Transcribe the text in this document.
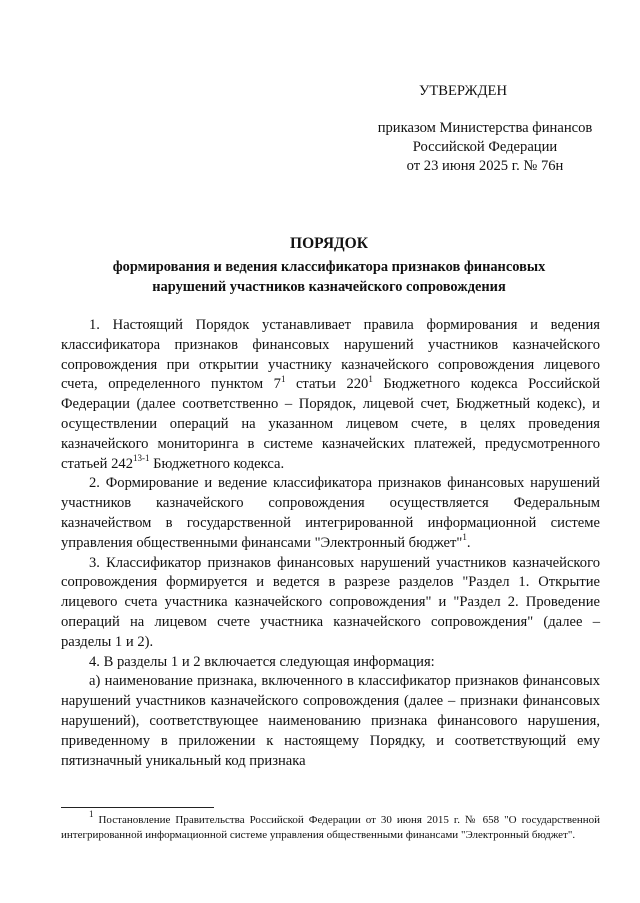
УТВЕРЖДЕН
приказом Министерства финансов
Российской Федерации
от 23 июня 2025 г. № 76н
ПОРЯДОК
формирования и ведения классификатора признаков финансовых
нарушений участников казначейского сопровождения

1. Настоящий Порядок устанавливает правила формирования и ведения классификатора признаков финансовых нарушений участников казначейского сопровождения при открытии участнику казначейского сопровождения лицевого счета, определенного пунктом $7^1$ статьи $220^1$ Бюджетного кодекса Российской Федерации (далее соответственно – Порядок, лицевой счет, Бюджетный кодекс), и осуществлении операций на указанном лицевом счете, в целях проведения казначейского мониторинга в системе казначейских платежей, предусмотренного статьей 242$^{13-1}$ Бюджетного кодекса.

2. Формирование и ведение классификатора признаков финансовых нарушений участников казначейского сопровождения осуществляется Федеральным казначейством в государственной интегрированной информационной системе управления общественными финансами "Электронный бюджет"$^1$.

3. Классификатор признаков финансовых нарушений участников казначейского сопровождения формируется и ведется в разрезе разделов "Раздел 1. Открытие лицевого счета участника казначейского сопровождения" и "Раздел 2. Проведение операций на лицевом счете участника казначейского сопровождения" (далее – разделы 1 и 2).

4. В разделы 1 и 2 включается следующая информация:

а) наименование признака, включенного в классификатор признаков финансовых нарушений участников казначейского сопровождения (далее – признаки финансовых нарушений), соответствующее наименованию признака финансового нарушения, приведенному в приложении к настоящему Порядку, и соответствующий ему пятизначный уникальный код признака

$^1$ Постановление Правительства Российской Федерации от 30 июня 2015 г. № 658 "О государственной интегрированной информационной системе управления общественными финансами "Электронный бюджет".
